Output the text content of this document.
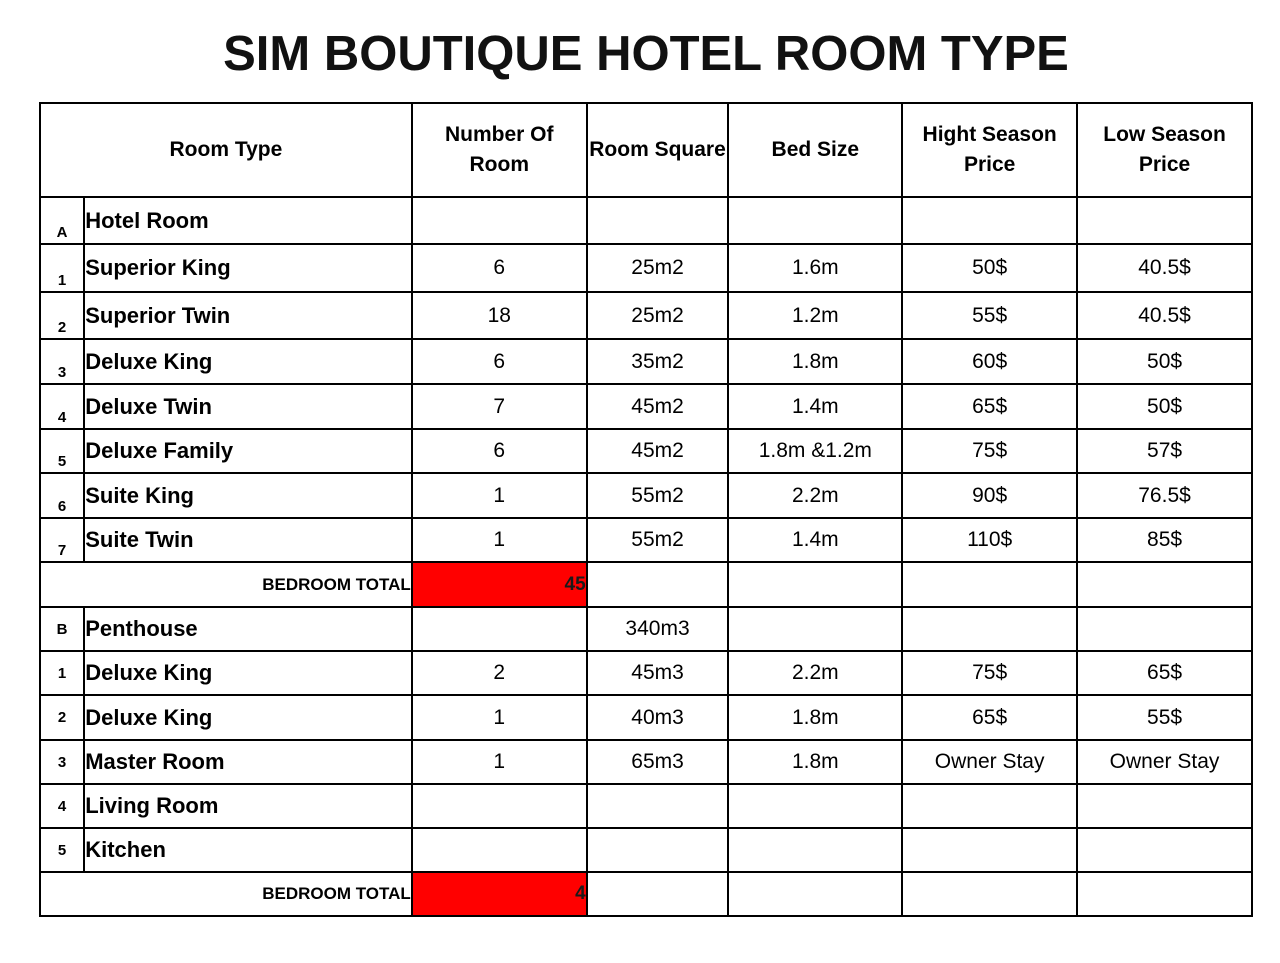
SIM BOUTIQUE HOTEL ROOM TYPE
Room Type		Number Of Room	Room Square	Bed Size	Hight Season Price	Low Season Price
A	Hotel Room					
1	Superior King	6	25m2	1.6m	50$	40.5$
2	Superior Twin	18	25m2	1.2m	55$	40.5$
3	Deluxe King	6	35m2	1.8m	60$	50$
4	Deluxe Twin	7	45m2	1.4m	65$	50$
5	Deluxe Family	6	45m2	1.8m &1.2m	75$	57$
6	Suite King	1	55m2	2.2m	90$	76.5$
7	Suite Twin	1	55m2	1.4m	110$	85$
BEDROOM TOTAL		45				
B	Penthouse		340m3			
1	Deluxe King	2	45m3	2.2m	75$	65$
2	Deluxe King	1	40m3	1.8m	65$	55$
3	Master Room	1	65m3	1.8m	Owner Stay	Owner Stay
4	Living Room					
5	Kitchen					
BEDROOM TOTAL		4				
